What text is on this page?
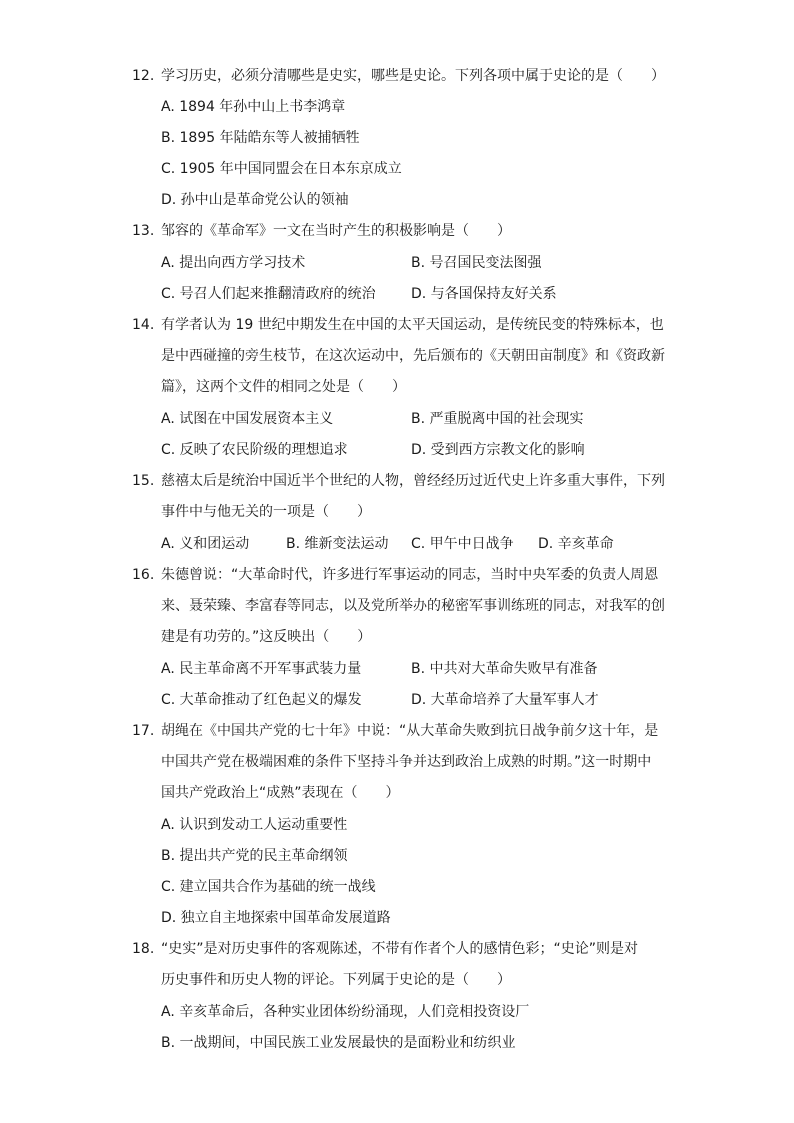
12. 学习历史，必须分清哪些是史实，哪些是史论。下列各项中属于史论的是（　　）
A. 1894 年孙中山上书李鸿章
B. 1895 年陆皓东等人被捕牺牲
C. 1905 年中国同盟会在日本东京成立
D. 孙中山是革命党公认的领袖
13. 邹容的《革命军》一文在当时产生的积极影响是（　　）
A. 提出向西方学习技术	B. 号召国民变法图强
C. 号召人们起来推翻清政府的统治	D. 与各国保持友好关系
14. 有学者认为 19 世纪中期发生在中国的太平天国运动，是传统民变的特殊标本，也
是中西碰撞的旁生枝节，在这次运动中，先后颁布的《天朝田亩制度》和《资政新
篇》，这两个文件的相同之处是（　　）
A. 试图在中国发展资本主义	B. 严重脱离中国的社会现实
C. 反映了农民阶级的理想追求	D. 受到西方宗教文化的影响
15. 慈禧太后是统治中国近半个世纪的人物，曾经经历过近代史上许多重大事件，下列
事件中与他无关的一项是（　　）
A. 义和团运动	B. 维新变法运动 C. 甲午中日战争 D. 辛亥革命
16. 朱德曾说：“大革命时代，许多进行军事运动的同志，当时中央军委的负责人周恩
来、聂荣臻、李富春等同志，以及党所举办的秘密军事训练班的同志，对我军的创
建是有功劳的。”这反映出（　　）
A. 民主革命离不开军事武装力量	B. 中共对大革命失败早有准备
C. 大革命推动了红色起义的爆发	D. 大革命培养了大量军事人才
17. 胡绳在《中国共产党的七十年》中说：“从大革命失败到抗日战争前夕这十年，是
中国共产党在极端困难的条件下坚持斗争并达到政治上成熟的时期。”这一时期中
国共产党政治上“成熟”表现在（　　）
A. 认识到发动工人运动重要性
B. 提出共产党的民主革命纲领
C. 建立国共合作为基础的统一战线
D. 独立自主地探索中国革命发展道路
18. “史实”是对历史事件的客观陈述，不带有作者个人的感情色彩；“史论”则是对
历史事件和历史人物的评论。下列属于史论的是（　　）
A. 辛亥革命后，各种实业团体纷纷涌现，人们竞相投资设厂
B. 一战期间，中国民族工业发展最快的是面粉业和纺织业
